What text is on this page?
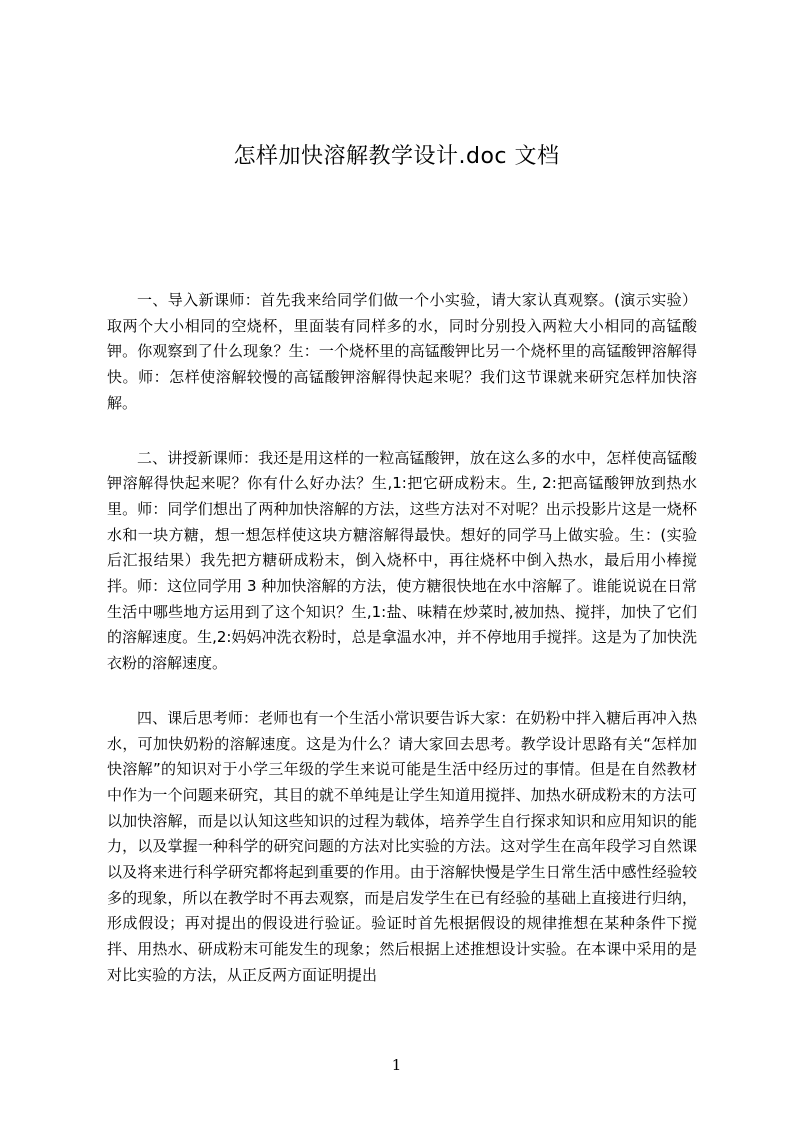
怎样加快溶解教学设计.doc 文档

一、导入新课师：首先我来给同学们做一个小实验，请大家认真观察。(演示实验）取两个大小相同的空烧杯，里面装有同样多的水，同时分别投入两粒大小相同的高锰酸钾。你观察到了什么现象？生：一个烧杯里的高锰酸钾比另一个烧杯里的高锰酸钾溶解得快。师：怎样使溶解较慢的高锰酸钾溶解得快起来呢？我们这节课就来研究怎样加快溶解。

二、讲授新课师：我还是用这样的一粒高锰酸钾，放在这么多的水中，怎样使高锰酸钾溶解得快起来呢？你有什么好办法？生,1:把它研成粉末。生, 2:把高锰酸钾放到热水里。师：同学们想出了两种加快溶解的方法，这些方法对不对呢？出示投影片这是一烧杯水和一块方糖，想一想怎样使这块方糖溶解得最快。想好的同学马上做实验。生：(实验后汇报结果）我先把方糖研成粉末，倒入烧杯中，再往烧杯中倒入热水，最后用小棒搅拌。师：这位同学用 3 种加快溶解的方法，使方糖很快地在水中溶解了。谁能说说在日常生活中哪些地方运用到了这个知识？生,1:盐、味精在炒菜时,被加热、搅拌，加快了它们的溶解速度。生,2:妈妈冲洗衣粉时，总是拿温水冲，并不停地用手搅拌。这是为了加快洗衣粉的溶解速度。

四、课后思考师：老师也有一个生活小常识要告诉大家：在奶粉中拌入糖后再冲入热水，可加快奶粉的溶解速度。这是为什么？请大家回去思考。教学设计思路有关“怎样加快溶解”的知识对于小学三年级的学生来说可能是生活中经历过的事情。但是在自然教材中作为一个问题来研究，其目的就不单纯是让学生知道用搅拌、加热水研成粉末的方法可以加快溶解，而是以认知这些知识的过程为载体，培养学生自行探求知识和应用知识的能力，以及掌握一种科学的研究问题的方法对比实验的方法。这对学生在高年段学习自然课以及将来进行科学研究都将起到重要的作用。由于溶解快慢是学生日常生活中感性经验较多的现象，所以在教学时不再去观察，而是启发学生在已有经验的基础上直接进行归纳，形成假设；再对提出的假设进行验证。验证时首先根据假设的规律推想在某种条件下搅拌、用热水、研成粉末可能发生的现象；然后根据上述推想设计实验。在本课中采用的是对比实验的方法，从正反两方面证明提出

1
